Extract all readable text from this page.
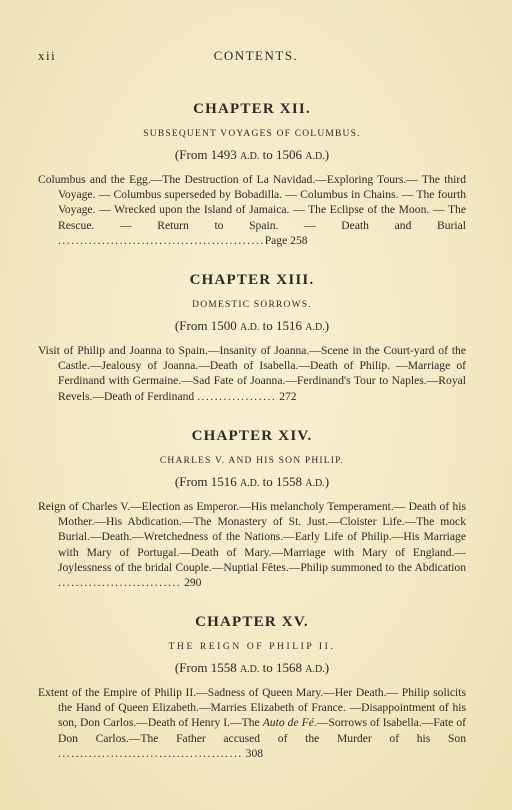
xii	CONTENTS.
CHAPTER XII.
SUBSEQUENT VOYAGES OF COLUMBUS.
(From 1493 A.D. to 1506 A.D.)
Columbus and the Egg.—The Destruction of La Navidad.—Exploring Tours.— The third Voyage. — Columbus superseded by Bobadilla. — Columbus in Chains. — The fourth Voyage. — Wrecked upon the Island of Jamaica. — The Eclipse of the Moon. — The Rescue. — Return to Spain. — Death and Burial ...............................................Page 258
CHAPTER XIII.
DOMESTIC SORROWS.
(From 1500 A.D. to 1516 A.D.)
Visit of Philip and Joanna to Spain.—Insanity of Joanna.—Scene in the Court-yard of the Castle.—Jealousy of Joanna.—Death of Isabella.—Death of Philip. —Marriage of Ferdinand with Germaine.—Sad Fate of Joanna.—Ferdinand's Tour to Naples.—Royal Revels.—Death of Ferdinand .................. 272
CHAPTER XIV.
CHARLES V. AND HIS SON PHILIP.
(From 1516 A.D. to 1558 A.D.)
Reign of Charles V.—Election as Emperor.—His melancholy Temperament.— Death of his Mother.—His Abdication.—The Monastery of St. Just.—Cloister Life.—The mock Burial.—Death.—Wretchedness of the Nations.—Early Life of Philip.—His Marriage with Mary of Portugal.—Death of Mary.—Marriage with Mary of England.—Joylessness of the bridal Couple.—Nuptial Fêtes.—Philip summoned to the Abdication ............................ 290
CHAPTER XV.
THE REIGN OF PHILIP II.
(From 1558 A.D. to 1568 A.D.)
Extent of the Empire of Philip II.—Sadness of Queen Mary.—Her Death.— Philip solicits the Hand of Queen Elizabeth.—Marries Elizabeth of France. —Disappointment of his son, Don Carlos.—Death of Henry I.—The Auto de Fé.—Sorrows of Isabella.—Fate of Don Carlos.—The Father accused of the Murder of his Son .......................................... 308
